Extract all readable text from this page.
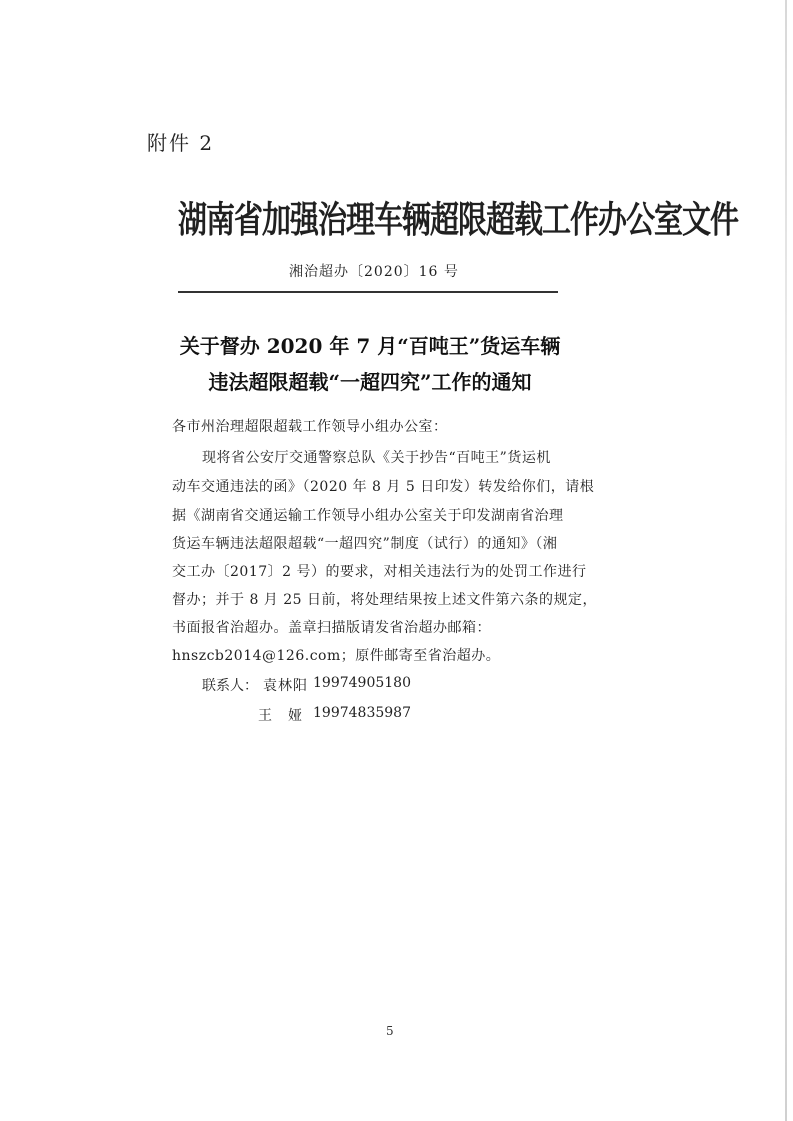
附件 2
湖南省加强治理车辆超限超载工作办公室文件
湘治超办〔2020〕16 号
关于督办 2020 年 7 月“百吨王”货运车辆
违法超限超载“一超四究”工作的通知
各市州治理超限超载工作领导小组办公室：
现将省公安厅交通警察总队《关于抄告“百吨王”货运机
动车交通违法的函》（2020 年 8 月 5 日印发）转发给你们，请根
据《湖南省交通运输工作领导小组办公室关于印发湖南省治理
货运车辆违法超限超载“一超四究”制度（试行）的通知》（湘
交工办〔2017〕2 号）的要求，对相关违法行为的处罚工作进行
督办；并于 8 月 25 日前，将处理结果按上述文件第六条的规定，
书面报省治超办。盖章扫描版请发省治超办邮箱：
hnszcb2014@126.com；原件邮寄至省治超办。
联系人： 袁林阳 19974905180
王　娅 19974835987
5
